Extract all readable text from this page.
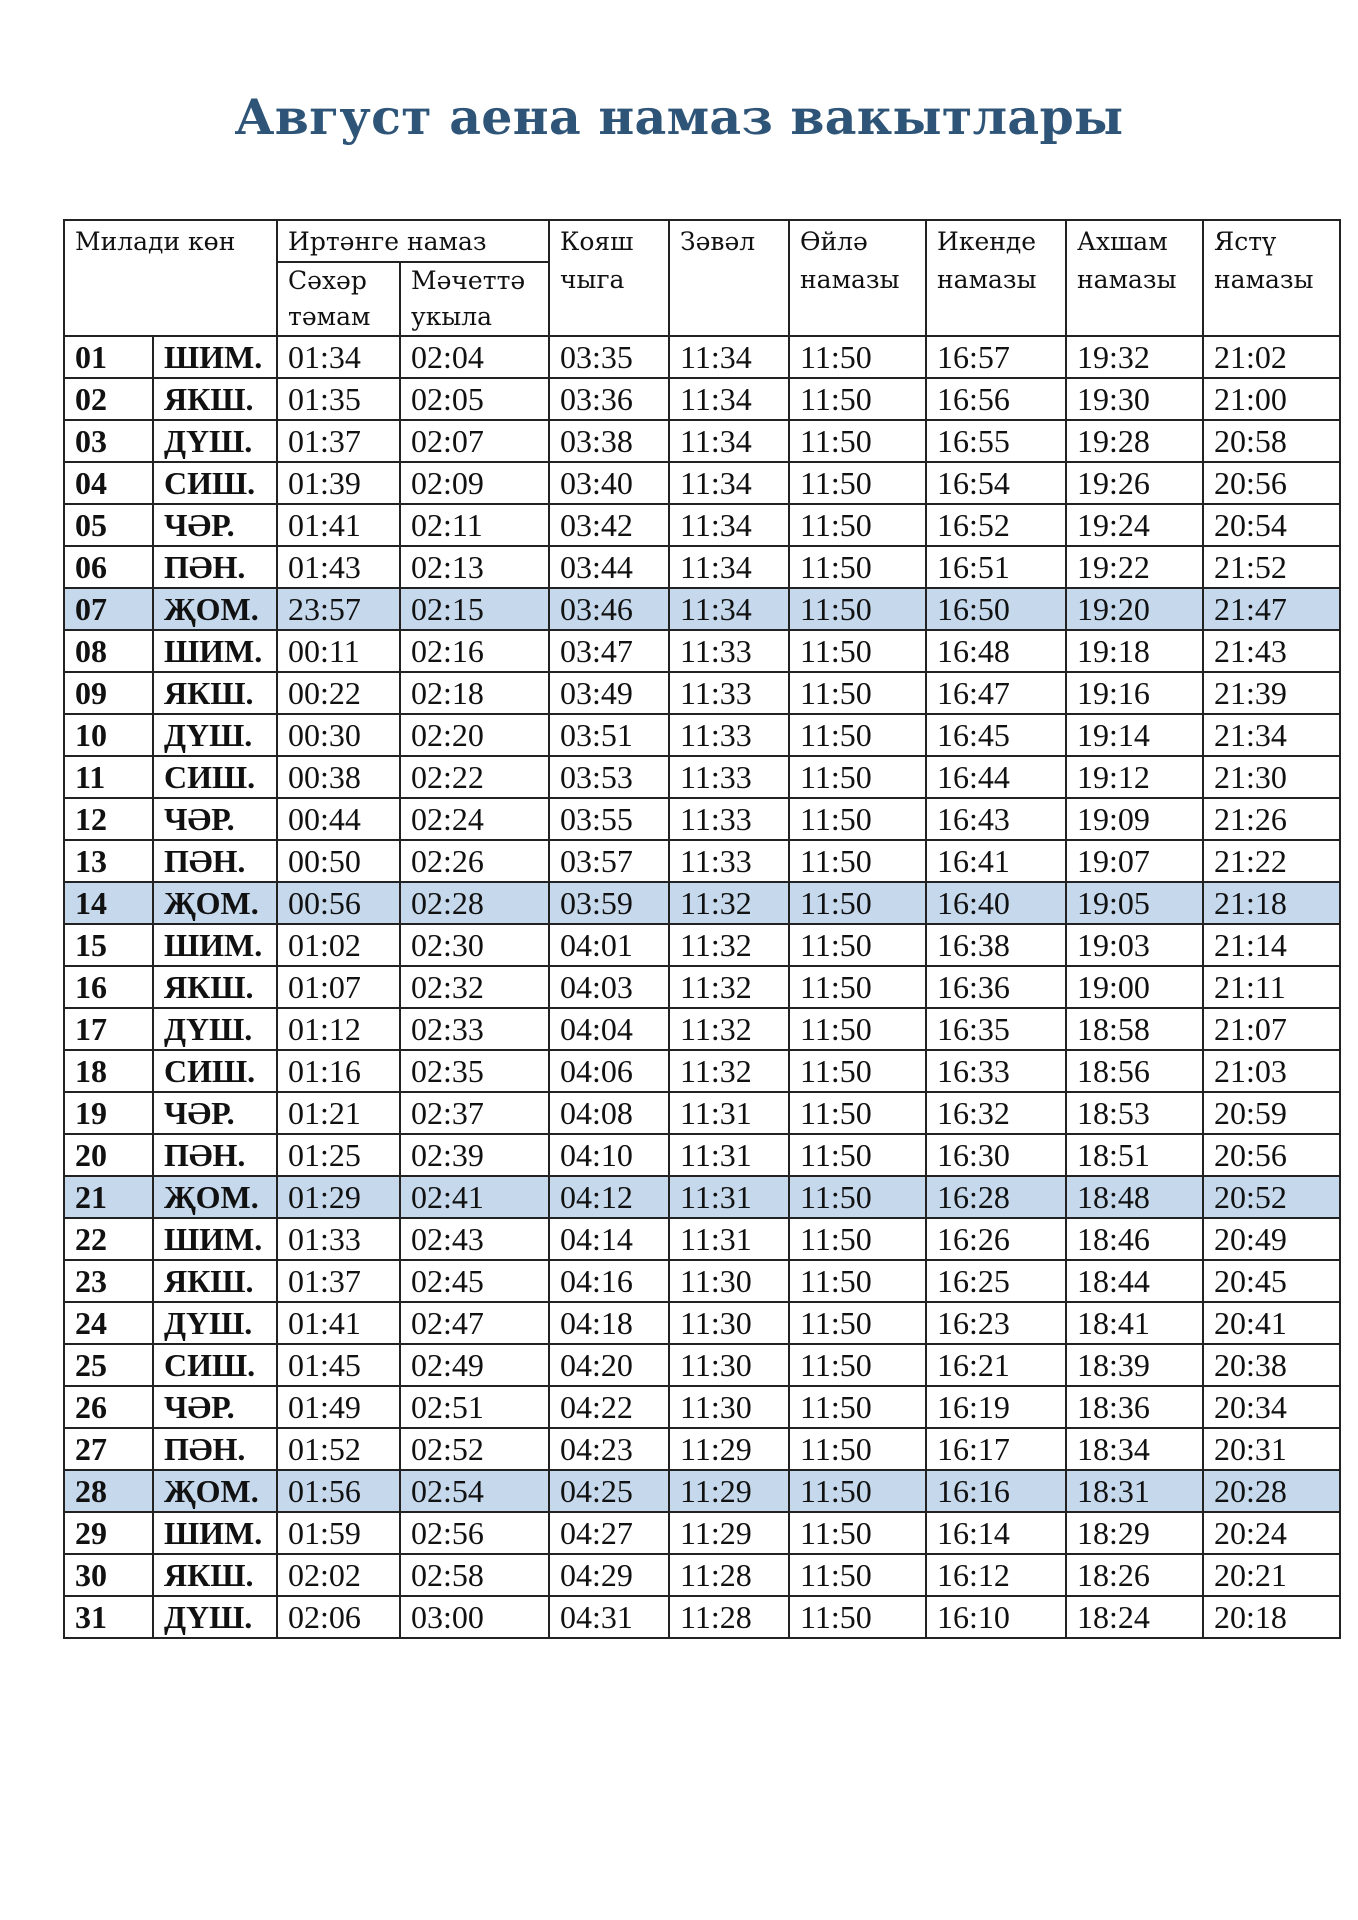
Август аена намаз вакытлары
Милади көн		Иртәнге намаз		Кояш чыга	Зәвәл	Өйлә намазы	Икенде намазы	Ахшам намазы	Ястү намазы
		Сәхәр тәмам	Мәчеттә укыла						
01	ШИМ.	01:34	02:04	03:35	11:34	11:50	16:57	19:32	21:02
02	ЯКШ.	01:35	02:05	03:36	11:34	11:50	16:56	19:30	21:00
03	ДҮШ.	01:37	02:07	03:38	11:34	11:50	16:55	19:28	20:58
04	СИШ.	01:39	02:09	03:40	11:34	11:50	16:54	19:26	20:56
05	ЧӘР.	01:41	02:11	03:42	11:34	11:50	16:52	19:24	20:54
06	ПӘН.	01:43	02:13	03:44	11:34	11:50	16:51	19:22	21:52
07	ҖОМ.	23:57	02:15	03:46	11:34	11:50	16:50	19:20	21:47
08	ШИМ.	00:11	02:16	03:47	11:33	11:50	16:48	19:18	21:43
09	ЯКШ.	00:22	02:18	03:49	11:33	11:50	16:47	19:16	21:39
10	ДҮШ.	00:30	02:20	03:51	11:33	11:50	16:45	19:14	21:34
11	СИШ.	00:38	02:22	03:53	11:33	11:50	16:44	19:12	21:30
12	ЧӘР.	00:44	02:24	03:55	11:33	11:50	16:43	19:09	21:26
13	ПӘН.	00:50	02:26	03:57	11:33	11:50	16:41	19:07	21:22
14	ҖОМ.	00:56	02:28	03:59	11:32	11:50	16:40	19:05	21:18
15	ШИМ.	01:02	02:30	04:01	11:32	11:50	16:38	19:03	21:14
16	ЯКШ.	01:07	02:32	04:03	11:32	11:50	16:36	19:00	21:11
17	ДҮШ.	01:12	02:33	04:04	11:32	11:50	16:35	18:58	21:07
18	СИШ.	01:16	02:35	04:06	11:32	11:50	16:33	18:56	21:03
19	ЧӘР.	01:21	02:37	04:08	11:31	11:50	16:32	18:53	20:59
20	ПӘН.	01:25	02:39	04:10	11:31	11:50	16:30	18:51	20:56
21	ҖОМ.	01:29	02:41	04:12	11:31	11:50	16:28	18:48	20:52
22	ШИМ.	01:33	02:43	04:14	11:31	11:50	16:26	18:46	20:49
23	ЯКШ.	01:37	02:45	04:16	11:30	11:50	16:25	18:44	20:45
24	ДҮШ.	01:41	02:47	04:18	11:30	11:50	16:23	18:41	20:41
25	СИШ.	01:45	02:49	04:20	11:30	11:50	16:21	18:39	20:38
26	ЧӘР.	01:49	02:51	04:22	11:30	11:50	16:19	18:36	20:34
27	ПӘН.	01:52	02:52	04:23	11:29	11:50	16:17	18:34	20:31
28	ҖОМ.	01:56	02:54	04:25	11:29	11:50	16:16	18:31	20:28
29	ШИМ.	01:59	02:56	04:27	11:29	11:50	16:14	18:29	20:24
30	ЯКШ.	02:02	02:58	04:29	11:28	11:50	16:12	18:26	20:21
31	ДҮШ.	02:06	03:00	04:31	11:28	11:50	16:10	18:24	20:18
